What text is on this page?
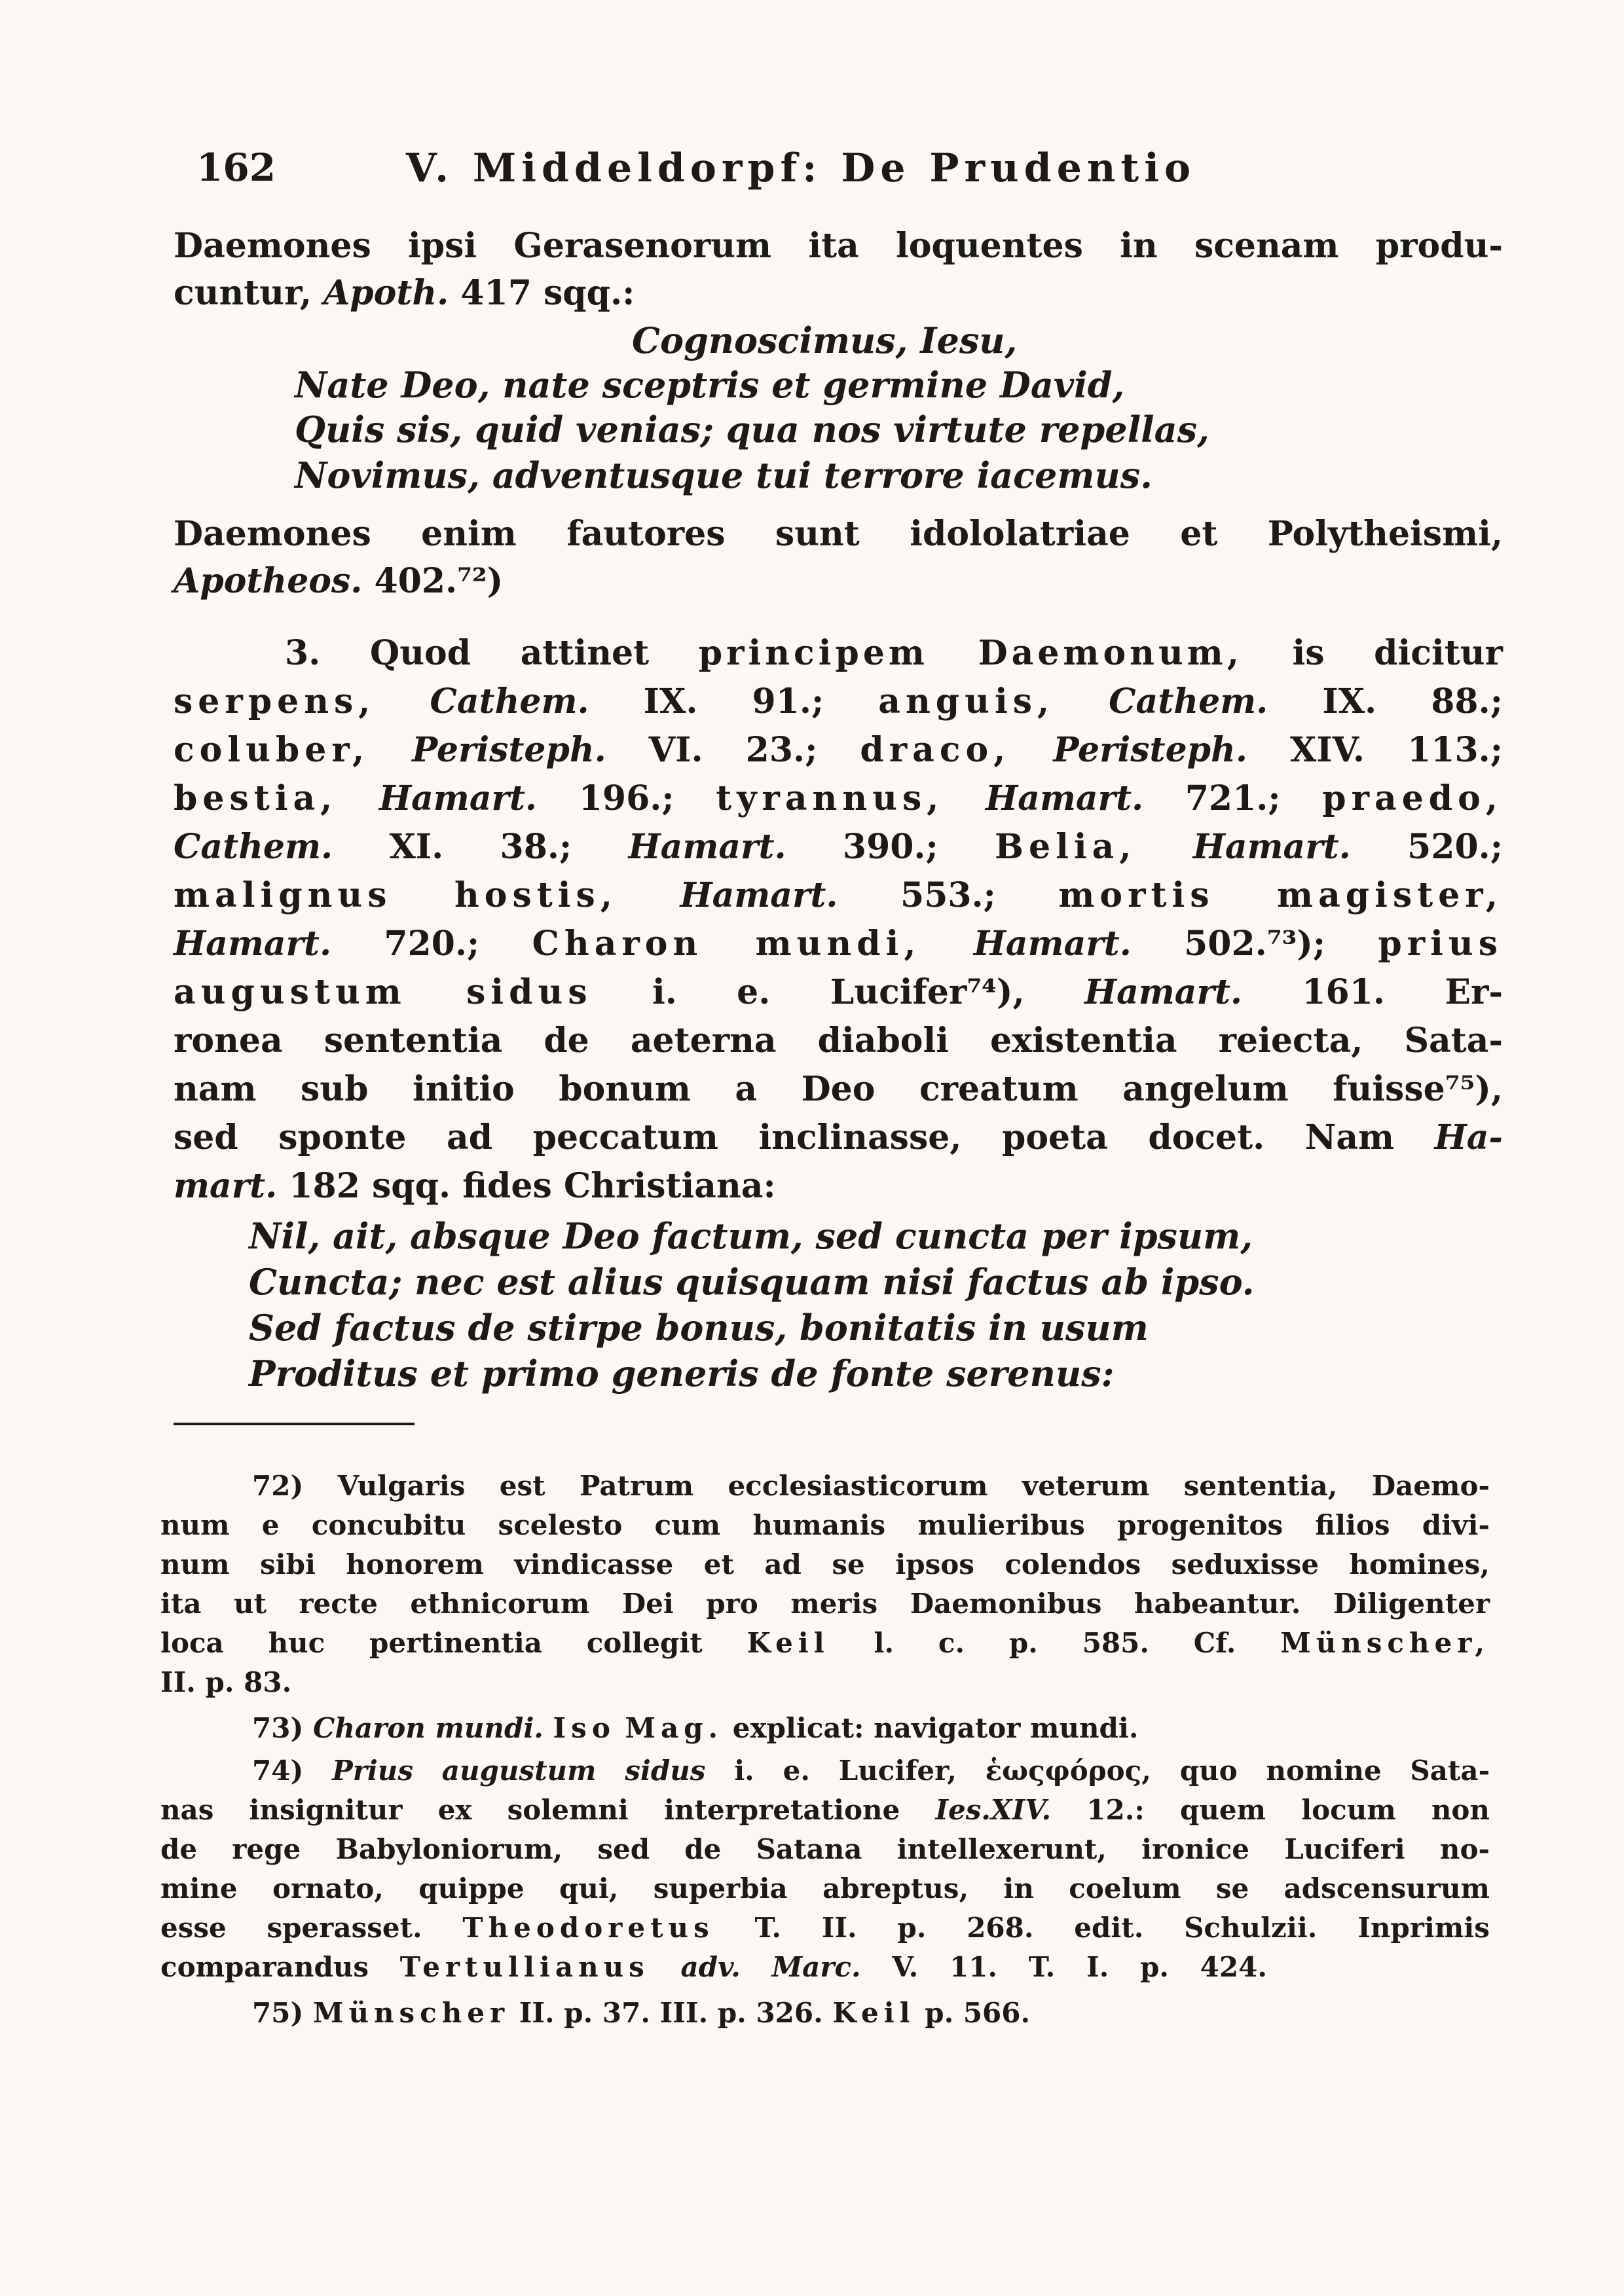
162	V. Middeldorpf: De Prudentio
Daemones ipsi Gerasenorum ita loquentes in scenam produ-
cuntur, Apoth. 417 sqq.:
Cognoscimus, Iesu,
Nate Deo, nate sceptris et germine David,
Quis sis, quid venias; qua nos virtute repellas,
Novimus, adventusque tui terrore iacemus.
Daemones enim fautores sunt idololatriae et Polytheismi,
Apotheos. 402.⁷²)
3. Quod attinet principem Daemonum, is dicitur
serpens, Cathem. IX. 91.; anguis, Cathem. IX. 88.;
coluber, Peristeph. VI. 23.; draco, Peristeph. XIV. 113.;
bestia, Hamart. 196.; tyrannus, Hamart. 721.; praedo,
Cathem. XI. 38.; Hamart. 390.; Belia, Hamart. 520.;
malignus hostis, Hamart. 553.; mortis magister,
Hamart. 720.; Charon mundi, Hamart. 502.⁷³); prius
augustum sidus i. e. Lucifer⁷⁴), Hamart. 161. Er-
ronea sententia de aeterna diaboli existentia reiecta, Sata-
nam sub initio bonum a Deo creatum angelum fuisse⁷⁵),
sed sponte ad peccatum inclinasse, poeta docet. Nam Ha-
mart. 182 sqq. fides Christiana:
Nil, ait, absque Deo factum, sed cuncta per ipsum,
Cuncta; nec est alius quisquam nisi factus ab ipso.
Sed factus de stirpe bonus, bonitatis in usum
Proditus et primo generis de fonte serenus:
72) Vulgaris est Patrum ecclesiasticorum veterum sententia, Daemo-
num e concubitu scelesto cum humanis mulieribus progenitos filios divi-
num sibi honorem vindicasse et ad se ipsos colendos seduxisse homines,
ita ut recte ethnicorum Dei pro meris Daemonibus habeantur. Diligenter
loca huc pertinentia collegit Keil l. c. p. 585. Cf. Münscher,
II. p. 83.
73) Charon mundi. Iso Mag. explicat: navigator mundi.
74) Prius augustum sidus i. e. Lucifer, ἑωςφόρος, quo nomine Sata-
nas insignitur ex solemni interpretatione Ies.XIV. 12.: quem locum non
de rege Babyloniorum, sed de Satana intellexerunt, ironice Luciferi no-
mine ornato, quippe qui, superbia abreptus, in coelum se adscensurum
esse sperasset. Theodoretus T. II. p. 268. edit. Schulzii. Inprimis
comparandus Tertullianus adv. Marc. V. 11. T. I. p. 424.
75) Münscher II. p. 37. III. p. 326. Keil p. 566.
